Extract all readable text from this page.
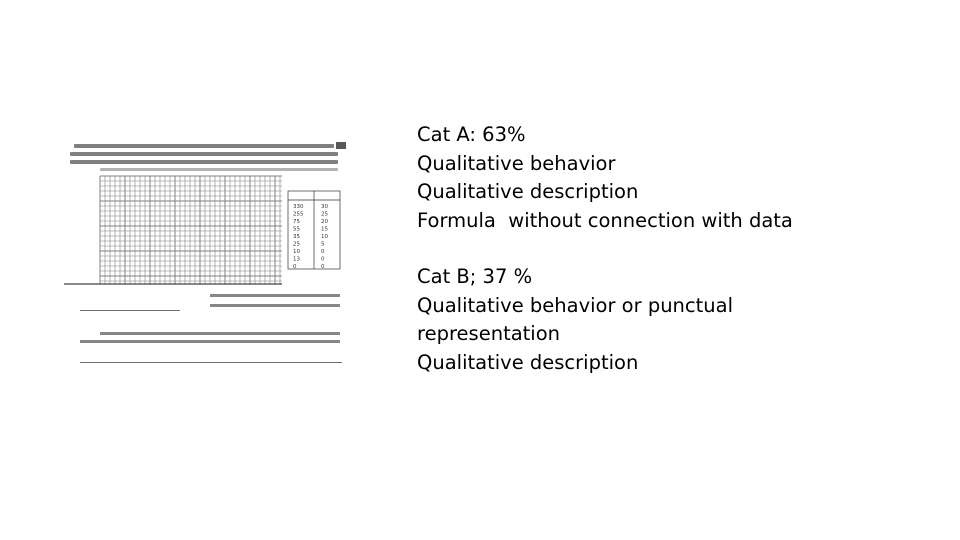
330
255
75
55
35
25
10
13
0
30
25
20
15
10
5
0
0
0
Cat A: 63%
Qualitative behavior
Qualitative description
Formula  without connection with data
Cat B; 37 %
Qualitative behavior or punctual
representation
Qualitative description
